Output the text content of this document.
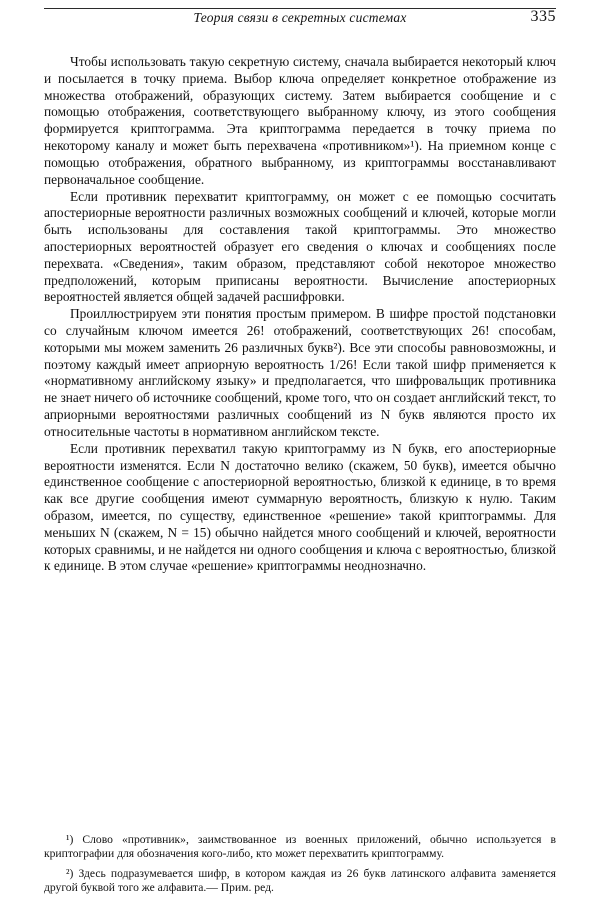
Теория связи в секретных системах	335

Чтобы использовать такую секретную систему, сначала выбирается некоторый ключ и посылается в точку приема. Выбор ключа определяет конкретное отображение из множества отображений, образующих систему. Затем выбирается сообщение и с помощью отображения, соответствующего выбранному ключу, из этого сообщения формируется криптограмма. Эта криптограмма передается в точку приема по некоторому каналу и может быть перехвачена «противником»¹). На приемном конце с помощью отображения, обратного выбранному, из криптограммы восстанавливают первоначальное сообщение.

Если противник перехватит криптограмму, он может с ее помощью сосчитать апостериорные вероятности различных возможных сообщений и ключей, которые могли быть использованы для составления такой криптограммы. Это множество апостериорных вероятностей образует его сведения о ключах и сообщениях после перехвата. «Сведения», таким образом, представляют собой некоторое множество предположений, которым приписаны вероятности. Вычисление апостериорных вероятностей является общей задачей расшифровки.

Проиллюстрируем эти понятия простым примером. В шифре простой подстановки со случайным ключом имеется 26! отображений, соответствующих 26! способам, которыми мы можем заменить 26 различных букв²). Все эти способы равновозможны, и поэтому каждый имеет априорную вероятность 1/26! Если такой шифр применяется к «нормативному английскому языку» и предполагается, что шифровальщик противника не знает ничего об источнике сообщений, кроме того, что он создает английский текст, то априорными вероятностями различных сообщений из N букв являются просто их относительные частоты в нормативном английском тексте.

Если противник перехватил такую криптограмму из N букв, его апостериорные вероятности изменятся. Если N достаточно велико (скажем, 50 букв), имеется обычно единственное сообщение с апостериорной вероятностью, близкой к единице, в то время как все другие сообщения имеют суммарную вероятность, близкую к нулю. Таким образом, имеется, по существу, единственное «решение» такой криптограммы. Для меньших N (скажем, N = 15) обычно найдется много сообщений и ключей, вероятности которых сравнимы, и не найдется ни одного сообщения и ключа с вероятностью, близкой к единице. В этом случае «решение» криптограммы неоднозначно.

¹) Слово «противник», заимствованное из военных приложений, обычно используется в криптографии для обозначения кого-либо, кто может перехватить криптограмму.

²) Здесь подразумевается шифр, в котором каждая из 26 букв латинского алфавита заменяется другой буквой того же алфавита.— Прим. ред.
